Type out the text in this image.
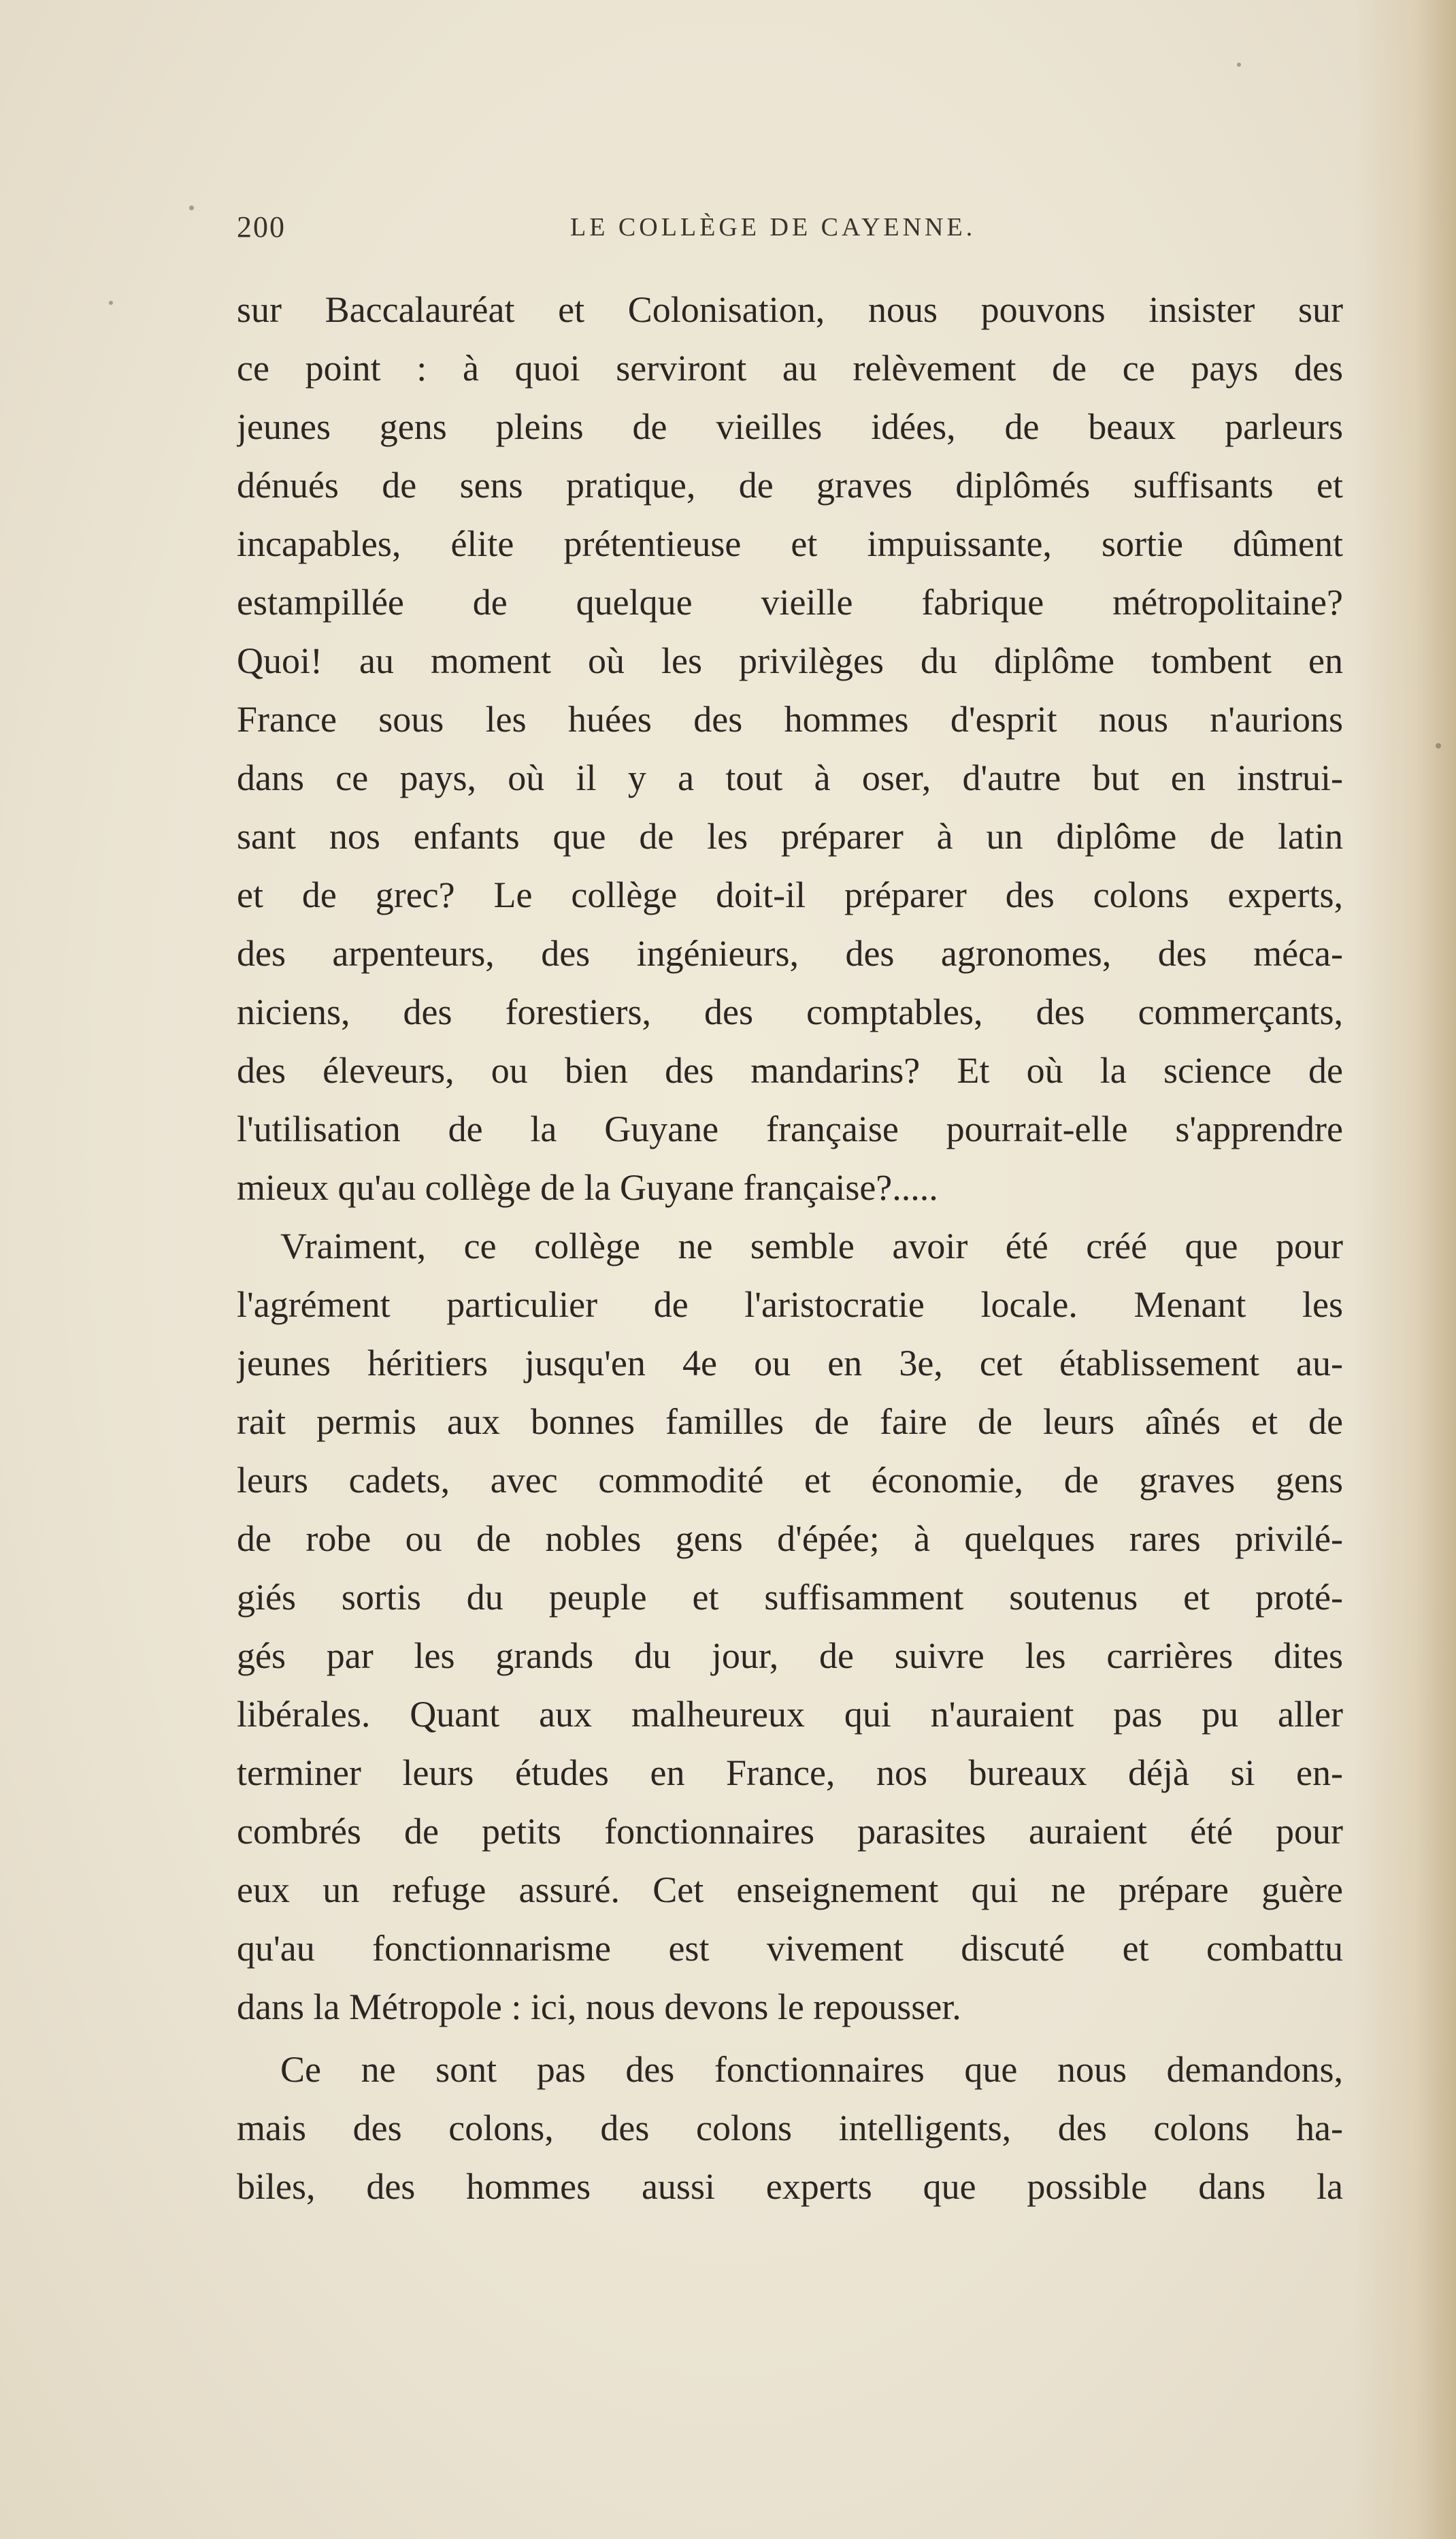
200	LE COLLÈGE DE CAYENNE.
sur Baccalauréat et Colonisation, nous pouvons insister sur
ce point : à quoi serviront au relèvement de ce pays des
jeunes gens pleins de vieilles idées, de beaux parleurs
dénués de sens pratique, de graves diplômés suffisants et
incapables, élite prétentieuse et impuissante, sortie dûment
estampillée de quelque vieille fabrique métropolitaine?
Quoi! au moment où les privilèges du diplôme tombent en
France sous les huées des hommes d'esprit nous n'aurions
dans ce pays, où il y a tout à oser, d'autre but en instrui-
sant nos enfants que de les préparer à un diplôme de latin
et de grec? Le collège doit-il préparer des colons experts,
des arpenteurs, des ingénieurs, des agronomes, des méca-
niciens, des forestiers, des comptables, des commerçants,
des éleveurs, ou bien des mandarins? Et où la science de
l'utilisation de la Guyane française pourrait-elle s'apprendre
mieux qu'au collège de la Guyane française?.....
Vraiment, ce collège ne semble avoir été créé que pour
l'agrément particulier de l'aristocratie locale. Menant les
jeunes héritiers jusqu'en 4e ou en 3e, cet établissement au-
rait permis aux bonnes familles de faire de leurs aînés et de
leurs cadets, avec commodité et économie, de graves gens
de robe ou de nobles gens d'épée; à quelques rares privilé-
giés sortis du peuple et suffisamment soutenus et proté-
gés par les grands du jour, de suivre les carrières dites
libérales. Quant aux malheureux qui n'auraient pas pu aller
terminer leurs études en France, nos bureaux déjà si en-
combrés de petits fonctionnaires parasites auraient été pour
eux un refuge assuré. Cet enseignement qui ne prépare guère
qu'au fonctionnarisme est vivement discuté et combattu
dans la Métropole : ici, nous devons le repousser.
Ce ne sont pas des fonctionnaires que nous demandons,
mais des colons, des colons intelligents, des colons ha-
biles, des hommes aussi experts que possible dans la
